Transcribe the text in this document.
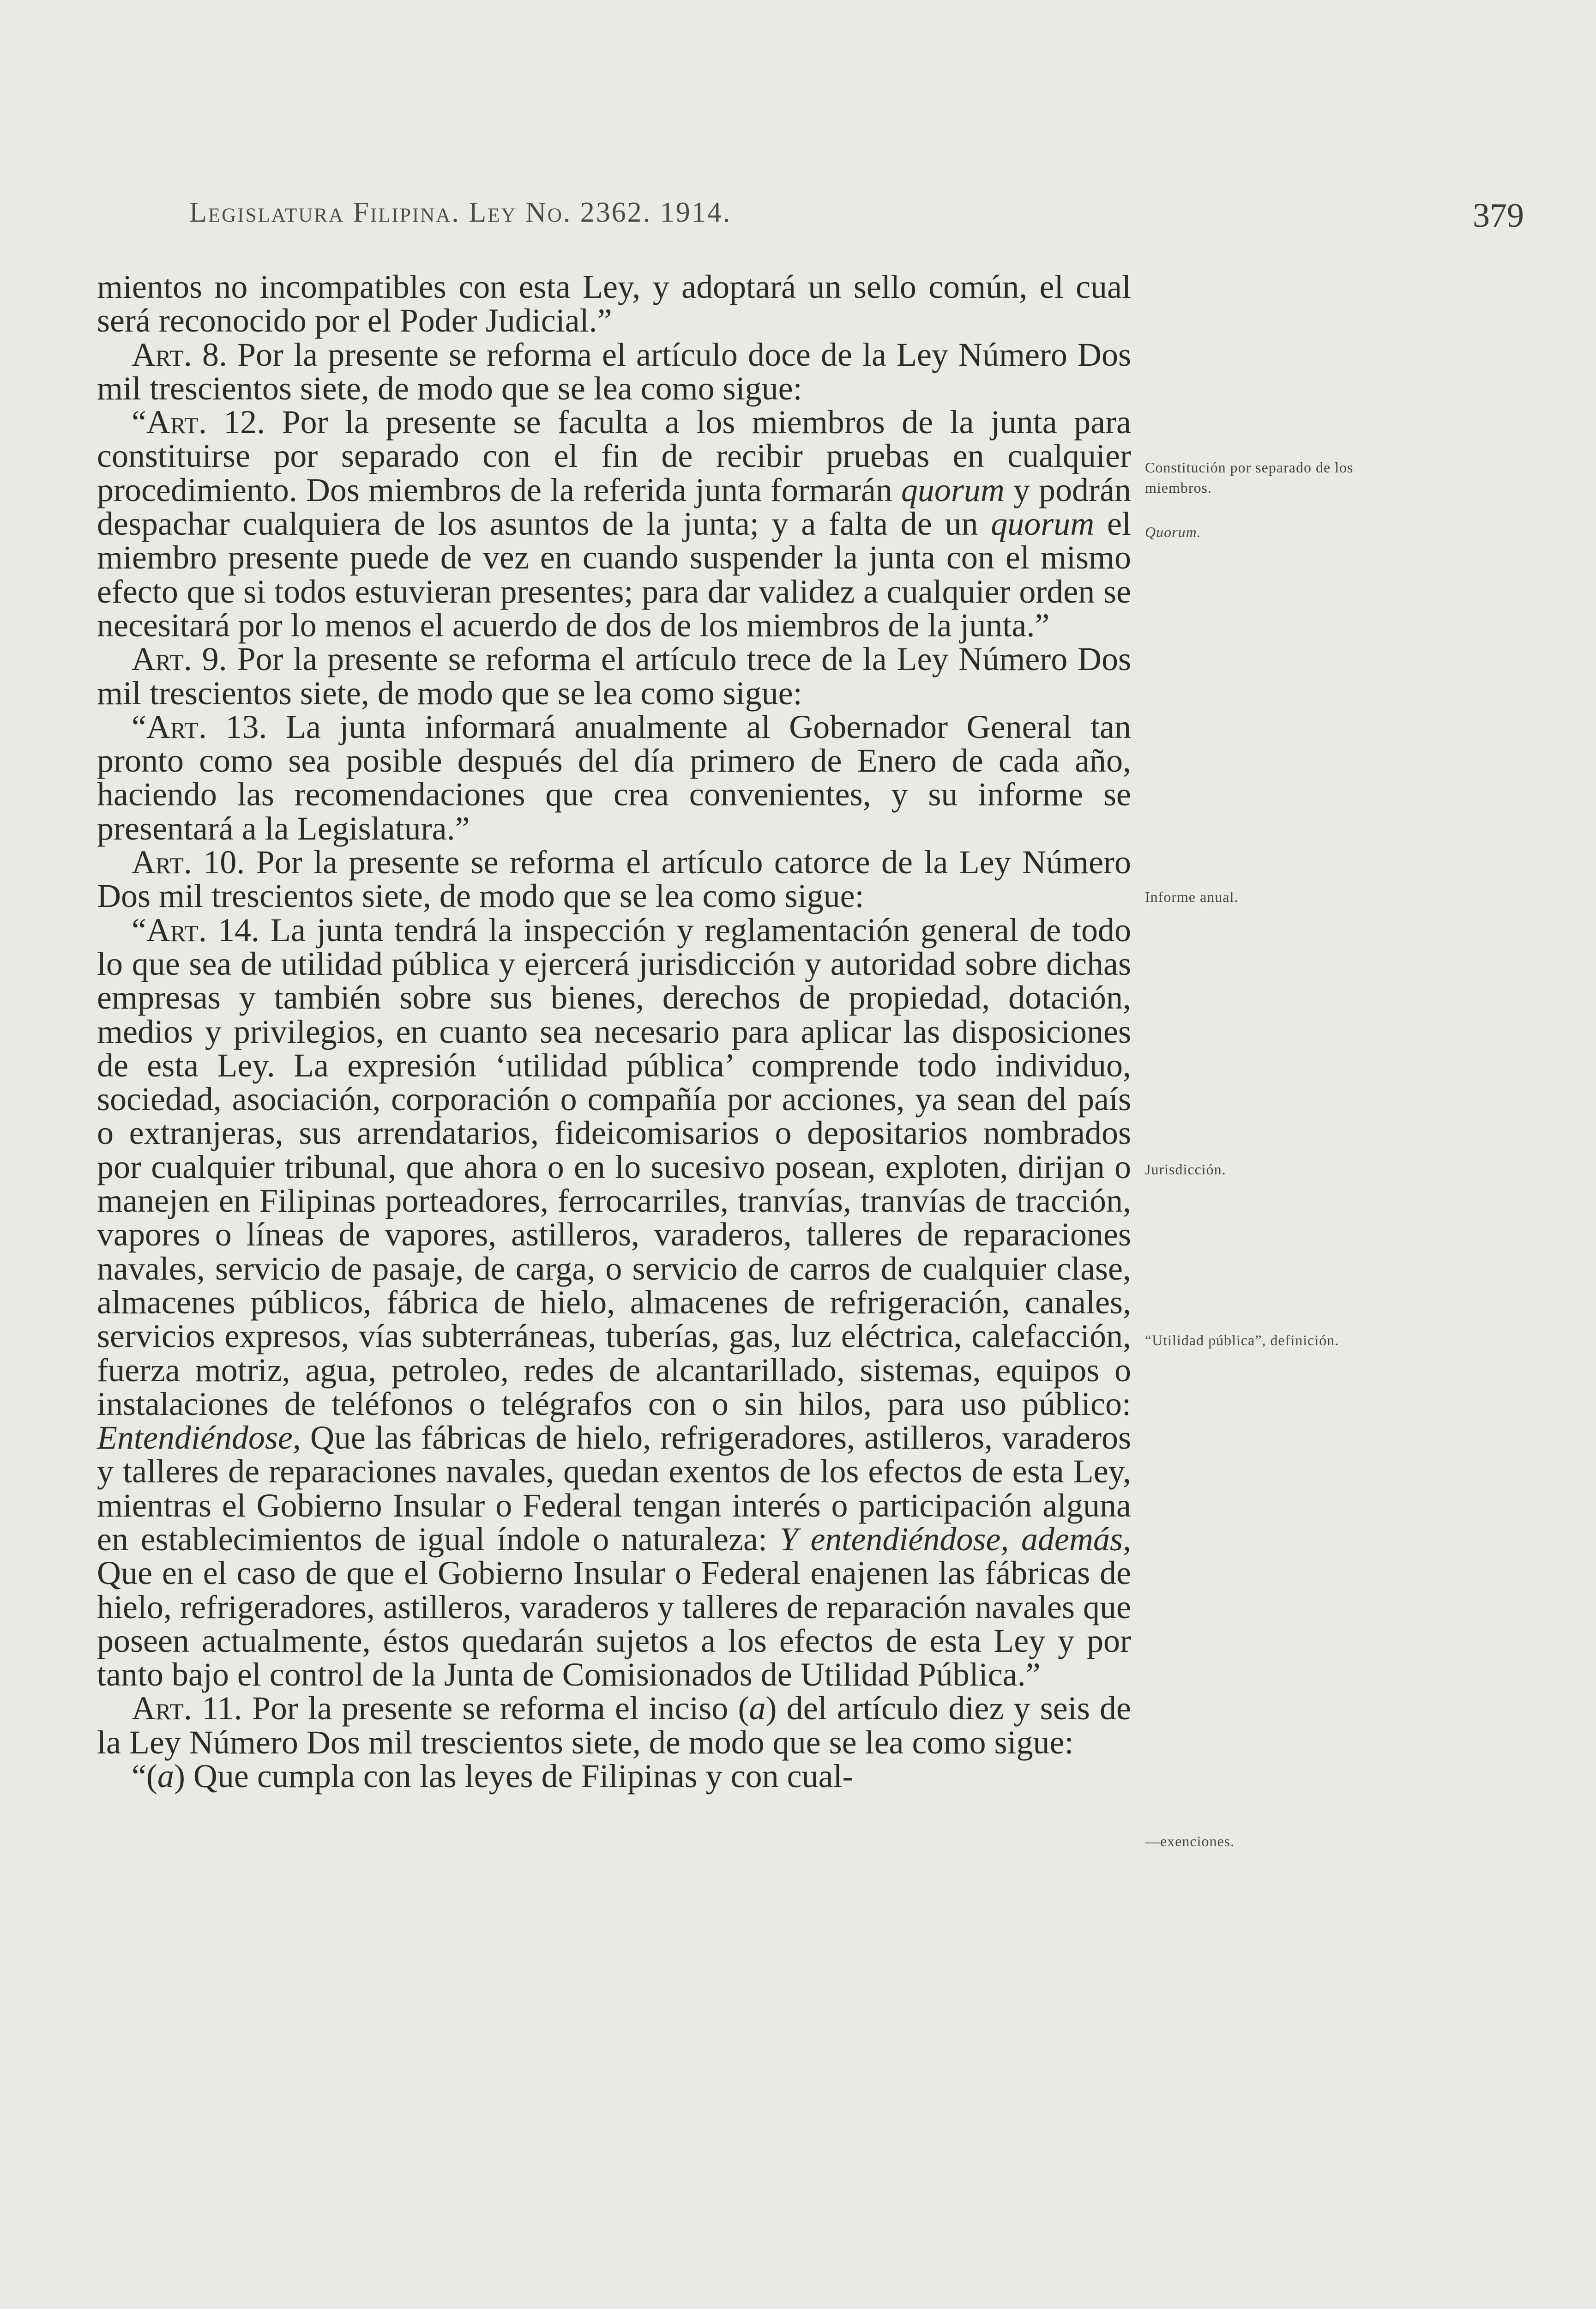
Legislatura Filipina. Ley No. 2362. 1914.	379

mientos no incompatibles con esta Ley, y adoptará un sello común, el cual será reconocido por el Poder Judicial.”

Art. 8. Por la presente se reforma el artículo doce de la Ley Número Dos mil trescientos siete, de modo que se lea como sigue:

“Art. 12. Por la presente se faculta a los miembros de la junta para constituirse por separado con el fin de recibir pruebas en cualquier procedimiento. Dos miembros de la referida junta formarán quorum y podrán despachar cualquiera de los asuntos de la junta; y a falta de un quorum el miembro presente puede de vez en cuando suspender la junta con el mismo efecto que si todos estuvieran presentes; para dar validez a cualquier orden se necesitará por lo menos el acuerdo de dos de los miembros de la junta.”

Art. 9. Por la presente se reforma el artículo trece de la Ley Número Dos mil trescientos siete, de modo que se lea como sigue:

“Art. 13. La junta informará anualmente al Gobernador General tan pronto como sea posible después del día primero de Enero de cada año, haciendo las recomendaciones que crea convenientes, y su informe se presentará a la Legislatura.”

Art. 10. Por la presente se reforma el artículo catorce de la Ley Número Dos mil trescientos siete, de modo que se lea como sigue:

“Art. 14. La junta tendrá la inspección y reglamentación general de todo lo que sea de utilidad pública y ejercerá jurisdicción y autoridad sobre dichas empresas y también sobre sus bienes, derechos de propiedad, dotación, medios y privilegios, en cuanto sea necesario para aplicar las disposiciones de esta Ley. La expresión ‘utilidad pública’ comprende todo individuo, sociedad, asociación, corporación o compañía por acciones, ya sean del país o extranjeras, sus arrendatarios, fideicomisarios o depositarios nombrados por cualquier tribunal, que ahora o en lo sucesivo posean, exploten, dirijan o manejen en Filipinas porteadores, ferrocarriles, tranvías, tranvías de tracción, vapores o líneas de vapores, astilleros, varaderos, talleres de reparaciones navales, servicio de pasaje, de carga, o servicio de carros de cualquier clase, almacenes públicos, fábrica de hielo, almacenes de refrigeración, canales, servicios expresos, vías subterráneas, tuberías, gas, luz eléctrica, calefacción, fuerza motriz, agua, petroleo, redes de alcantarillado, sistemas, equipos o instalaciones de teléfonos o telégrafos con o sin hilos, para uso público: Entendiéndose, Que las fábricas de hielo, refrigeradores, astilleros, varaderos y talleres de reparaciones navales, quedan exentos de los efectos de esta Ley, mientras el Gobierno Insular o Federal tengan interés o participación alguna en establecimientos de igual índole o naturaleza: Y entendiéndose, además, Que en el caso de que el Gobierno Insular o Federal enajenen las fábricas de hielo, refrigeradores, astilleros, varaderos y talleres de reparación navales que poseen actualmente, éstos quedarán sujetos a los efectos de esta Ley y por tanto bajo el control de la Junta de Comisionados de Utilidad Pública.”

Art. 11. Por la presente se reforma el inciso (a) del artículo diez y seis de la Ley Número Dos mil trescientos siete, de modo que se lea como sigue:

“(a) Que cumpla con las leyes de Filipinas y con cual-

Constitución por separado de los miembros.
Quorum.
Informe anual.
Jurisdicción.
“Utilidad pública”, definición.
—exenciones.
